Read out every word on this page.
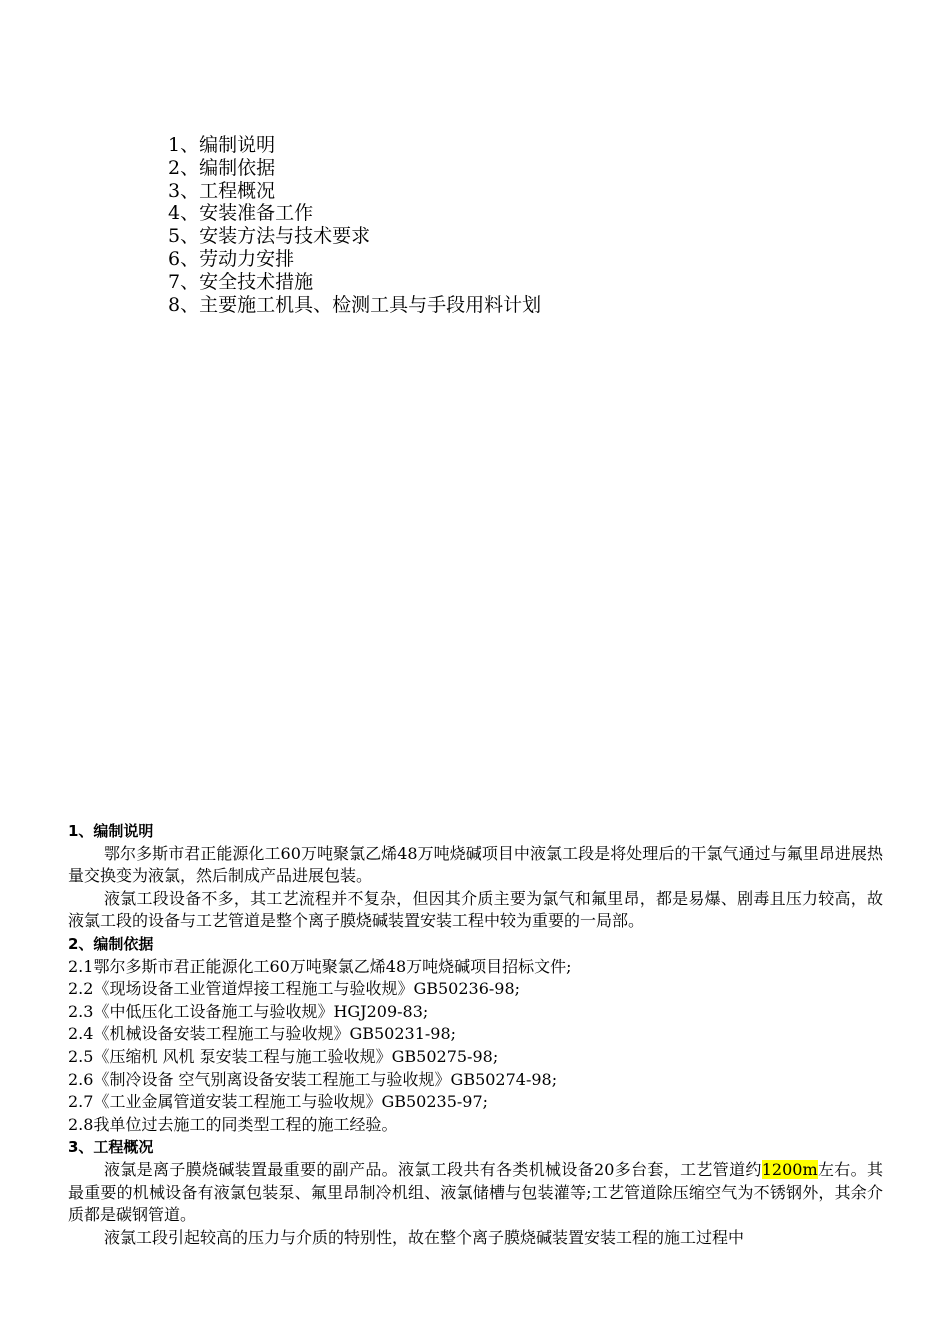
1、编制说明
2、编制依据
3、工程概况
4、安装准备工作
5、安装方法与技术要求
6、劳动力安排
7、安全技术措施
8、主要施工机具、检测工具与手段用料计划
1、编制说明
鄂尔多斯市君正能源化工60万吨聚氯乙烯48万吨烧碱项目中液氯工段是将处理后的干氯气通过与氟里昂进展热量交换变为液氯，然后制成产品进展包装。
液氯工段设备不多，其工艺流程并不复杂，但因其介质主要为氯气和氟里昂，都是易爆、剧毒且压力较高，故液氯工段的设备与工艺管道是整个离子膜烧碱装置安装工程中较为重要的一局部。
2、编制依据
2.1鄂尔多斯市君正能源化工60万吨聚氯乙烯48万吨烧碱项目招标文件;
2.2《现场设备工业管道焊接工程施工与验收规》GB50236-98;
2.3《中低压化工设备施工与验收规》HGJ209-83;
2.4《机械设备安装工程施工与验收规》GB50231-98;
2.5《压缩机 风机 泵安装工程与施工验收规》GB50275-98;
2.6《制冷设备 空气别离设备安装工程施工与验收规》GB50274-98;
2.7《工业金属管道安装工程施工与验收规》GB50235-97;
2.8我单位过去施工的同类型工程的施工经验。
3、工程概况
液氯是离子膜烧碱装置最重要的副产品。液氯工段共有各类机械设备20多台套，工艺管道约1200m左右。其最重要的机械设备有液氯包装泵、氟里昂制冷机组、液氯储槽与包装灌等;工艺管道除压缩空气为不锈钢外，其余介质都是碳钢管道。
液氯工段引起较高的压力与介质的特别性，故在整个离子膜烧碱装置安装工程的施工过程中
